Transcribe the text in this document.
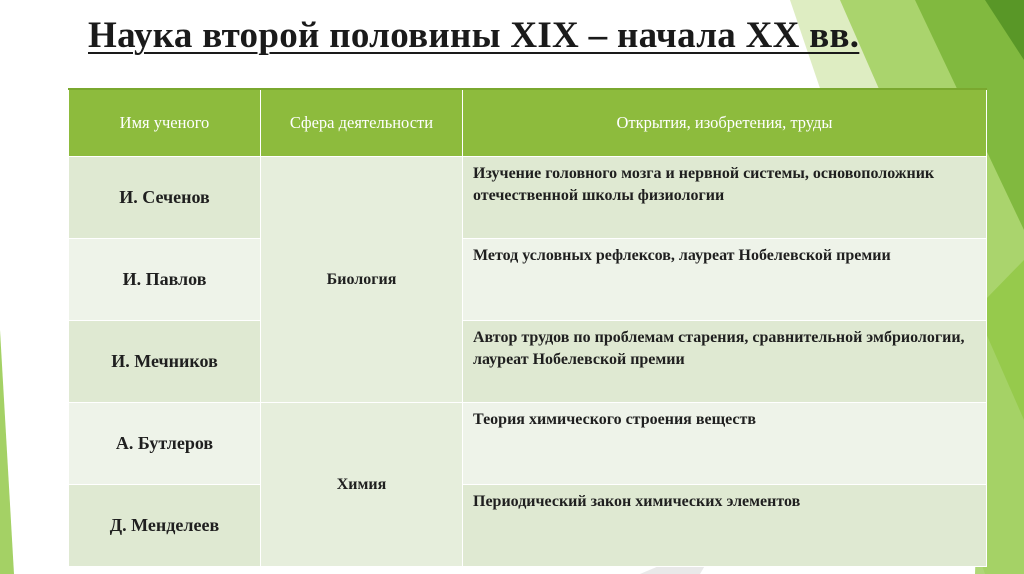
Наука второй половины XIX – начала XX вв.
Имя ученого	Сфера деятельности	Открытия, изобретения, труды
И. Сеченов	Биология	Изучение головного мозга и нервной системы, основоположник отечественной школы физиологии
И. Павлов		Метод условных рефлексов, лауреат Нобелевской премии
И. Мечников		Автор трудов по проблемам старения, сравнительной эмбриологии, лауреат Нобелевской премии
А. Бутлеров	Химия	Теория химического строения веществ
Д. Менделеев		Периодический закон химических элементов
